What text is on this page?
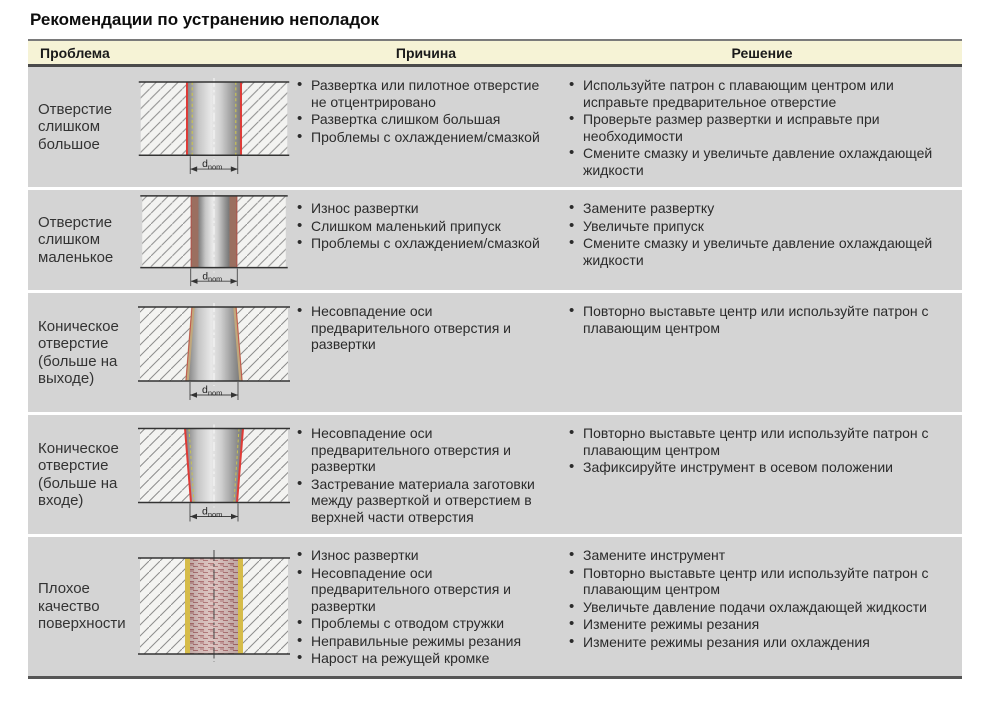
Рекомендации по устранению неполадок
Проблема	Причина	Решение
Отверстие слишком большое
$d_{nom}$
• Развертка или пилотное отверстие не отцентрировано
• Развертка слишком большая
• Проблемы с охлаждением/смазкой
• Используйте патрон с плавающим центром или исправьте предварительное отверстие
• Проверьте размер развертки и исправьте при необходимости
• Смените смазку и увеличьте давление охлаждающей жидкости
Отверстие слишком маленькое
$d_{nom}$
• Износ развертки
• Слишком маленький припуск
• Проблемы с охлаждением/смазкой
• Замените развертку
• Увеличьте припуск
• Смените смазку и увеличьте давление охлаждающей жидкости
Коническое отверстие (больше на выходе)
$d_{nom}$
• Несовпадение оси предварительного отверстия и развертки
• Повторно выставьте центр или используйте патрон с плавающим центром
Коническое отверстие (больше на входе)
$d_{nom}$
• Несовпадение оси предварительного отверстия и развертки
• Застревание материала заготовки между разверткой и отверстием в верхней части отверстия
• Повторно выставьте центр или используйте патрон с плавающим центром
• Зафиксируйте инструмент в осевом положении
Плохое качество поверхности
• Износ развертки
• Несовпадение оси предварительного отверстия и развертки
• Проблемы с отводом стружки
• Неправильные режимы резания
• Нарост на режущей кромке
• Замените инструмент
• Повторно выставьте центр или используйте патрон с плавающим центром
• Увеличьте давление подачи охлаждающей жидкости
• Измените режимы резания
• Измените режимы резания или охлаждения
